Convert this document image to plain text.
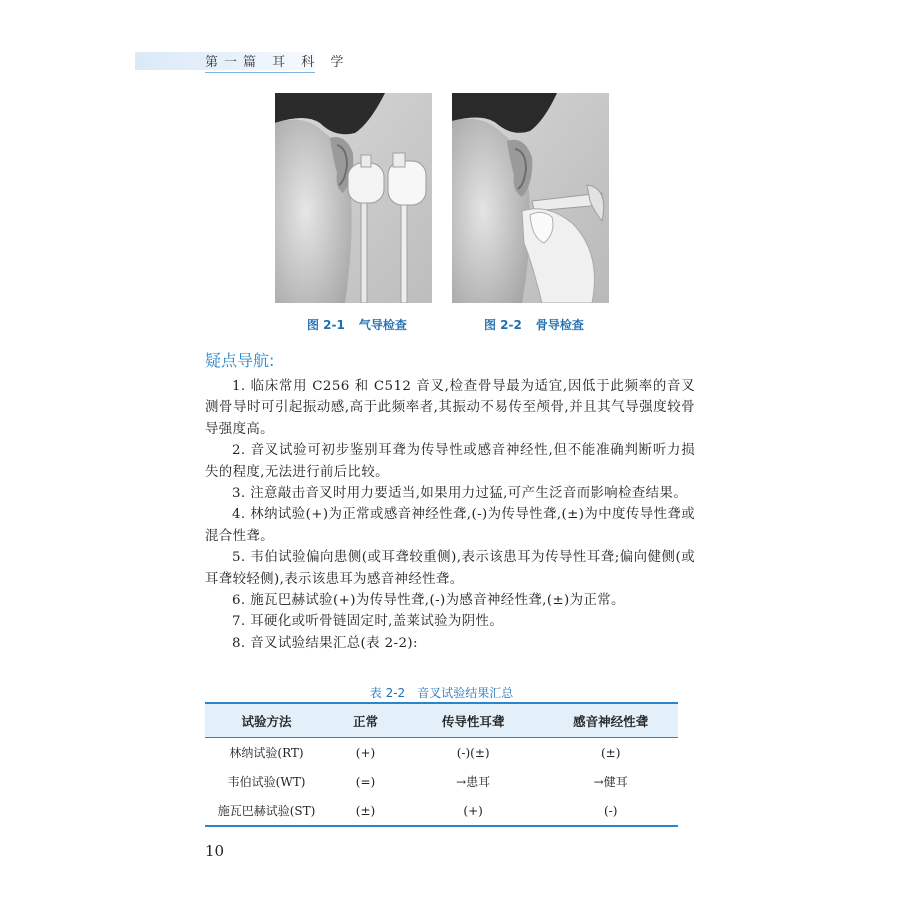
第一篇 耳 科 学
图 2-1 气导检查	图 2-2 骨导检查
疑点导航:

1. 临床常用 C256 和 C512 音叉,检查骨导最为适宜,因低于此频率的音叉测骨导时可引起振动感,高于此频率者,其振动不易传至颅骨,并且其气导强度较骨导强度高。

2. 音叉试验可初步鉴别耳聋为传导性或感音神经性,但不能准确判断听力损失的程度,无法进行前后比较。

3. 注意敲击音叉时用力要适当,如果用力过猛,可产生泛音而影响检查结果。

4. 林纳试验(+)为正常或感音神经性聋,(-)为传导性聋,(±)为中度传导性聋或混合性聋。

5. 韦伯试验偏向患侧(或耳聋较重侧),表示该患耳为传导性耳聋;偏向健侧(或耳聋较轻侧),表示该患耳为感音神经性聋。

6. 施瓦巴赫试验(+)为传导性聋,(-)为感音神经性聋,(±)为正常。

7. 耳硬化或听骨链固定时,盖莱试验为阴性。

8. 音叉试验结果汇总(表 2-2):

表 2-2 音叉试验结果汇总
试验方法	正常	传导性耳聋	感音神经性聋
林纳试验(RT)	(+)	(-)(±)	(±)
韦伯试验(WT)	(=)	→患耳	→健耳
施瓦巴赫试验(ST)	(±)	(+)	(-)
10
